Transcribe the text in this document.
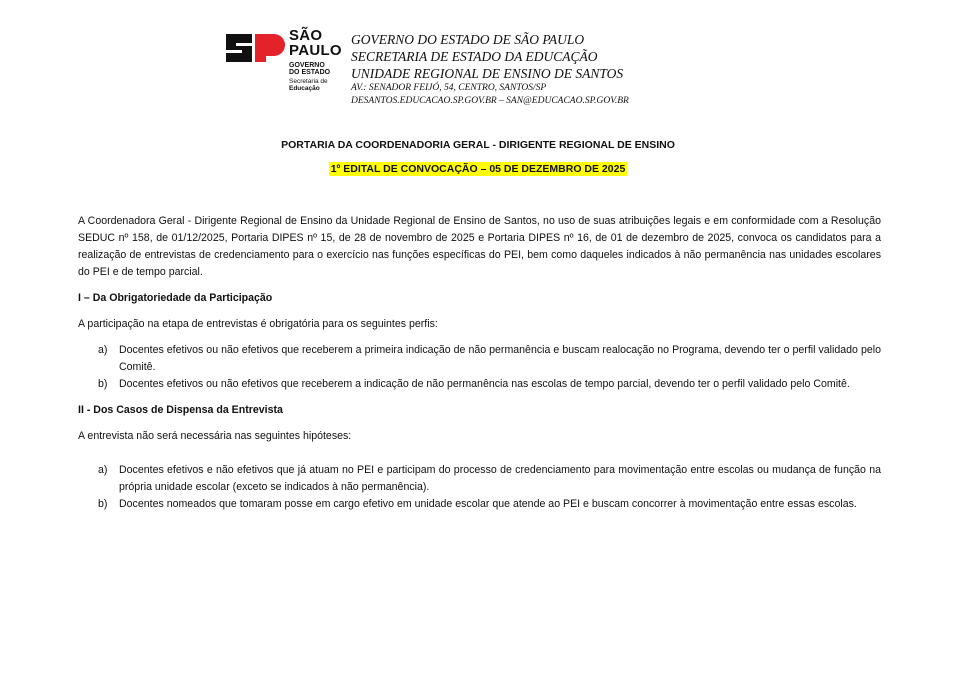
SÃO
PAULO
GOVERNO
DO ESTADO
Secretaria de
Educação
GOVERNO DO ESTADO DE SÃO PAULO
SECRETARIA DE ESTADO DA EDUCAÇÃO
UNIDADE REGIONAL DE ENSINO DE SANTOS
AV.: SENADOR FEIJÓ, 54, CENTRO, SANTOS/SP
DESANTOS.EDUCACAO.SP.GOV.BR – SAN@EDUCACAO.SP.GOV.BR
PORTARIA DA COORDENADORIA GERAL - DIRIGENTE REGIONAL DE ENSINO
1º EDITAL DE CONVOCAÇÃO – 05 DE DEZEMBRO DE 2025

A Coordenadora Geral - Dirigente Regional de Ensino da Unidade Regional de Ensino de Santos, no uso de suas atribuições legais e em conformidade com a Resolução SEDUC nº 158, de 01/12/2025, Portaria DIPES nº 15, de 28 de novembro de 2025 e Portaria DIPES nº 16, de 01 de dezembro de 2025, convoca os candidatos para a realização de entrevistas de credenciamento para o exercício nas funções específicas do PEI, bem como daqueles indicados à não permanência nas unidades escolares do PEI e de tempo parcial.

I – Da Obrigatoriedade da Participação

A participação na etapa de entrevistas é obrigatória para os seguintes perfis:

a) Docentes efetivos ou não efetivos que receberem a primeira indicação de não permanência e buscam realocação no Programa, devendo ter o perfil validado pelo Comitê.
b) Docentes efetivos ou não efetivos que receberem a indicação de não permanência nas escolas de tempo parcial, devendo ter o perfil validado pelo Comitê.

II - Dos Casos de Dispensa da Entrevista

A entrevista não será necessária nas seguintes hipóteses:

a) Docentes efetivos e não efetivos que já atuam no PEI e participam do processo de credenciamento para movimentação entre escolas ou mudança de função na própria unidade escolar (exceto se indicados à não permanência).
b) Docentes nomeados que tomaram posse em cargo efetivo em unidade escolar que atende ao PEI e buscam concorrer à movimentação entre essas escolas.
